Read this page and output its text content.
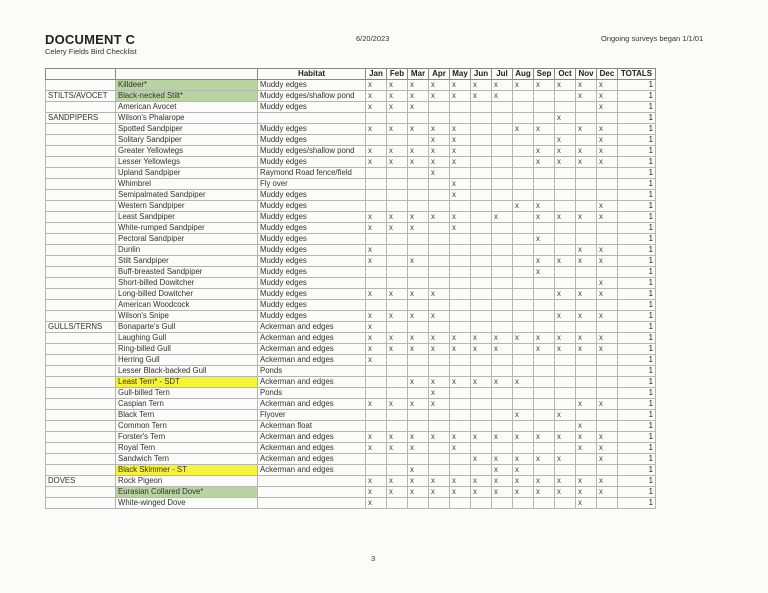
DOCUMENT C
Celery Fields Bird Checklist
6/20/2023	Ongoing surveys began 1/1/01
		Habitat	Jan	Feb	Mar	Apr	May	Jun	Jul	Aug	Sep	Oct	Nov	Dec	TOTALS
	Killdeer*	Muddy edges	x	x	x	x	x	x	x	x	x	x	x	x	1
STILTS/AVOCET	Black-necked Stilt*	Muddy edges/shallow pond	x	x	x	x	x	x	x				x	x	1
	American Avocet	Muddy edges	x	x	x									x	1
SANDPIPERS	Wilson's Phalarope											x			1
	Spotted Sandpiper	Muddy edges	x	x	x	x	x			x	x		x	x	1
	Solitary Sandpiper	Muddy edges				x	x					x		x	1
	Greater Yellowlegs	Muddy edges/shallow pond	x	x	x	x	x				x	x	x	x	1
	Lesser Yellowlegs	Muddy edges	x	x	x	x	x				x	x	x	x	1
	Upland Sandpiper	Raymond Road fence/field				x									1
	Whimbrel	Fly over					x								1
	Semipalmated Sandpiper	Muddy edges					x								1
	Western Sandpiper	Muddy edges								x	x			x	1
	Least Sandpiper	Muddy edges	x	x	x	x	x		x		x	x	x	x	1
	White-rumped Sandpiper	Muddy edges	x	x	x		x								1
	Pectoral Sandpiper	Muddy edges									x				1
	Dunlin	Muddy edges	x										x	x	1
	Stilt Sandpiper	Muddy edges	x		x						x	x	x	x	1
	Buff-breasted Sandpiper	Muddy edges									x				1
	Short-billed Dowitcher	Muddy edges												x	1
	Long-billed Dowitcher	Muddy edges	x	x	x	x						x	x	x	1
	American Woodcock	Muddy edges													1
	Wilson's Snipe	Muddy edges	x	x	x	x						x	x	x	1
GULLS/TERNS	Bonaparte's Gull	Ackerman and edges	x												1
	Laughing Gull	Ackerman and edges	x	x	x	x	x	x	x	x	x	x	x	x	1
	Ring-billed Gull	Ackerman and edges	x	x	x	x	x	x	x		x	x	x	x	1
	Herring Gull	Ackerman and edges	x												1
	Lesser Black-backed Gull	Ponds													1
	Least Tern* - SDT	Ackerman and edges			x	x	x	x	x	x					1
	Gull-billed Tern	Ponds				x									1
	Caspian Tern	Ackerman and edges	x	x	x	x							x	x	1
	Black Tern	Flyover								x		x			1
	Common Tern	Ackerman float											x		1
	Forster's Tern	Ackerman and edges	x	x	x	x	x	x	x	x	x	x	x	x	1
	Royal Tern	Ackerman and edges	x	x	x		x						x	x	1
	Sandwich Tern	Ackerman and edges						x	x	x	x	x		x	1
	Black Skimmer - ST	Ackerman and edges			x				x	x					1
DOVES	Rock Pigeon		x	x	x	x	x	x	x	x	x	x	x	x	1
	Eurasian Collared Dove*		x	x	x	x	x	x	x	x	x	x	x	x	1
	White-winged Dove		x										x		1
3
